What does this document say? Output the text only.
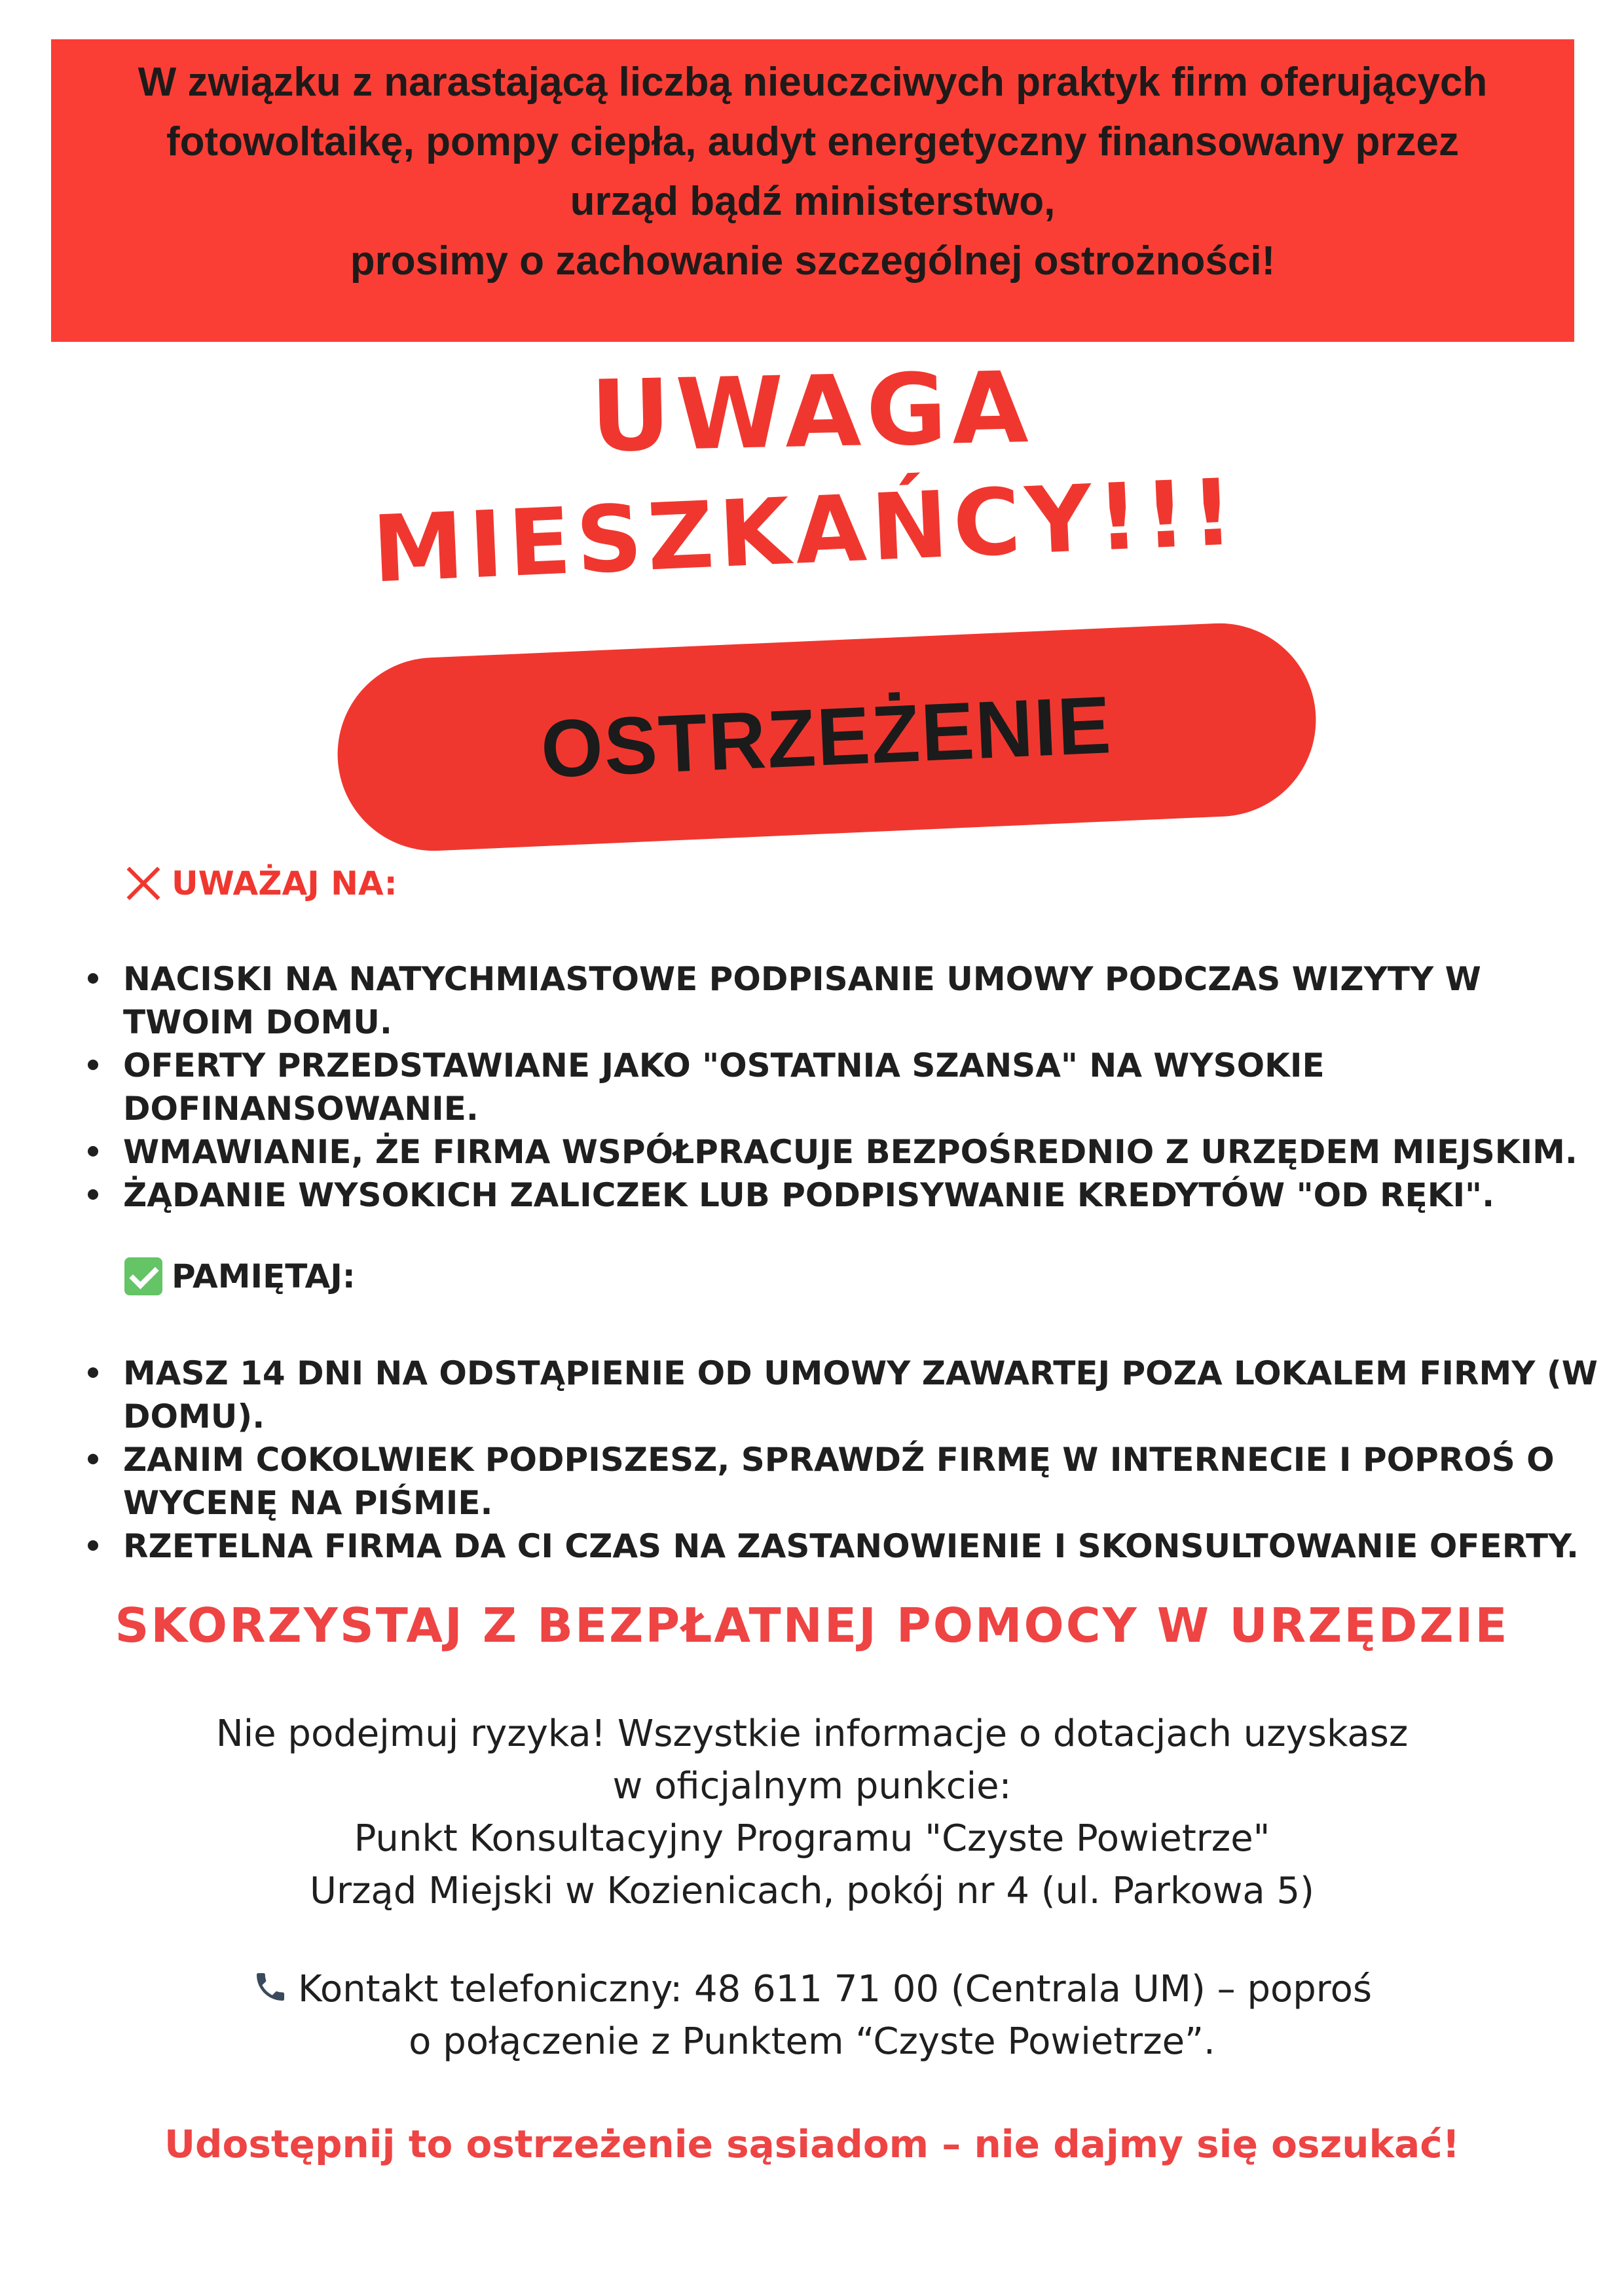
W związku z narastającą liczbą nieuczciwych praktyk firm oferujących

fotowoltaikę, pompy ciepła, audyt energetyczny finansowany przez

urząd bądź ministerstwo,

prosimy o zachowanie szczególnej ostrożności!

UWAGA
MIESZKAŃCY!!!
OSTRZEŻENIE
UWAŻAJ NA:
NACISKI NA NATYCHMIASTOWE PODPISANIE UMOWY PODCZAS WIZYTY W TWOIM DOMU.
OFERTY PRZEDSTAWIANE JAKO "OSTATNIA SZANSA" NA WYSOKIE DOFINANSOWANIE.
WMAWIANIE, ŻE FIRMA WSPÓŁPRACUJE BEZPOŚREDNIO Z URZĘDEM MIEJSKIM.
ŻĄDANIE WYSOKICH ZALICZEK LUB PODPISYWANIE KREDYTÓW "OD RĘKI".
PAMIĘTAJ:
MASZ 14 DNI NA ODSTĄPIENIE OD UMOWY ZAWARTEJ POZA LOKALEM FIRMY (W DOMU).
ZANIM COKOLWIEK PODPISZESZ, SPRAWDŹ FIRMĘ W INTERNECIE I POPROŚ O WYCENĘ NA PIŚMIE.
RZETELNA FIRMA DA CI CZAS NA ZASTANOWIENIE I SKONSULTOWANIE OFERTY.
SKORZYSTAJ Z BEZPŁATNEJ POMOCY W URZĘDZIE

Nie podejmuj ryzyka! Wszystkie informacje o dotacjach uzyskasz

w oficjalnym punkcie:

Punkt Konsultacyjny Programu "Czyste Powietrze"

Urząd Miejski w Kozienicach, pokój nr 4 (ul. Parkowa 5)

Kontakt telefoniczny: 48 611 71 00 (Centrala UM) – poproś

o połączenie z Punktem “Czyste Powietrze”.

Udostępnij to ostrzeżenie sąsiadom – nie dajmy się oszukać!
